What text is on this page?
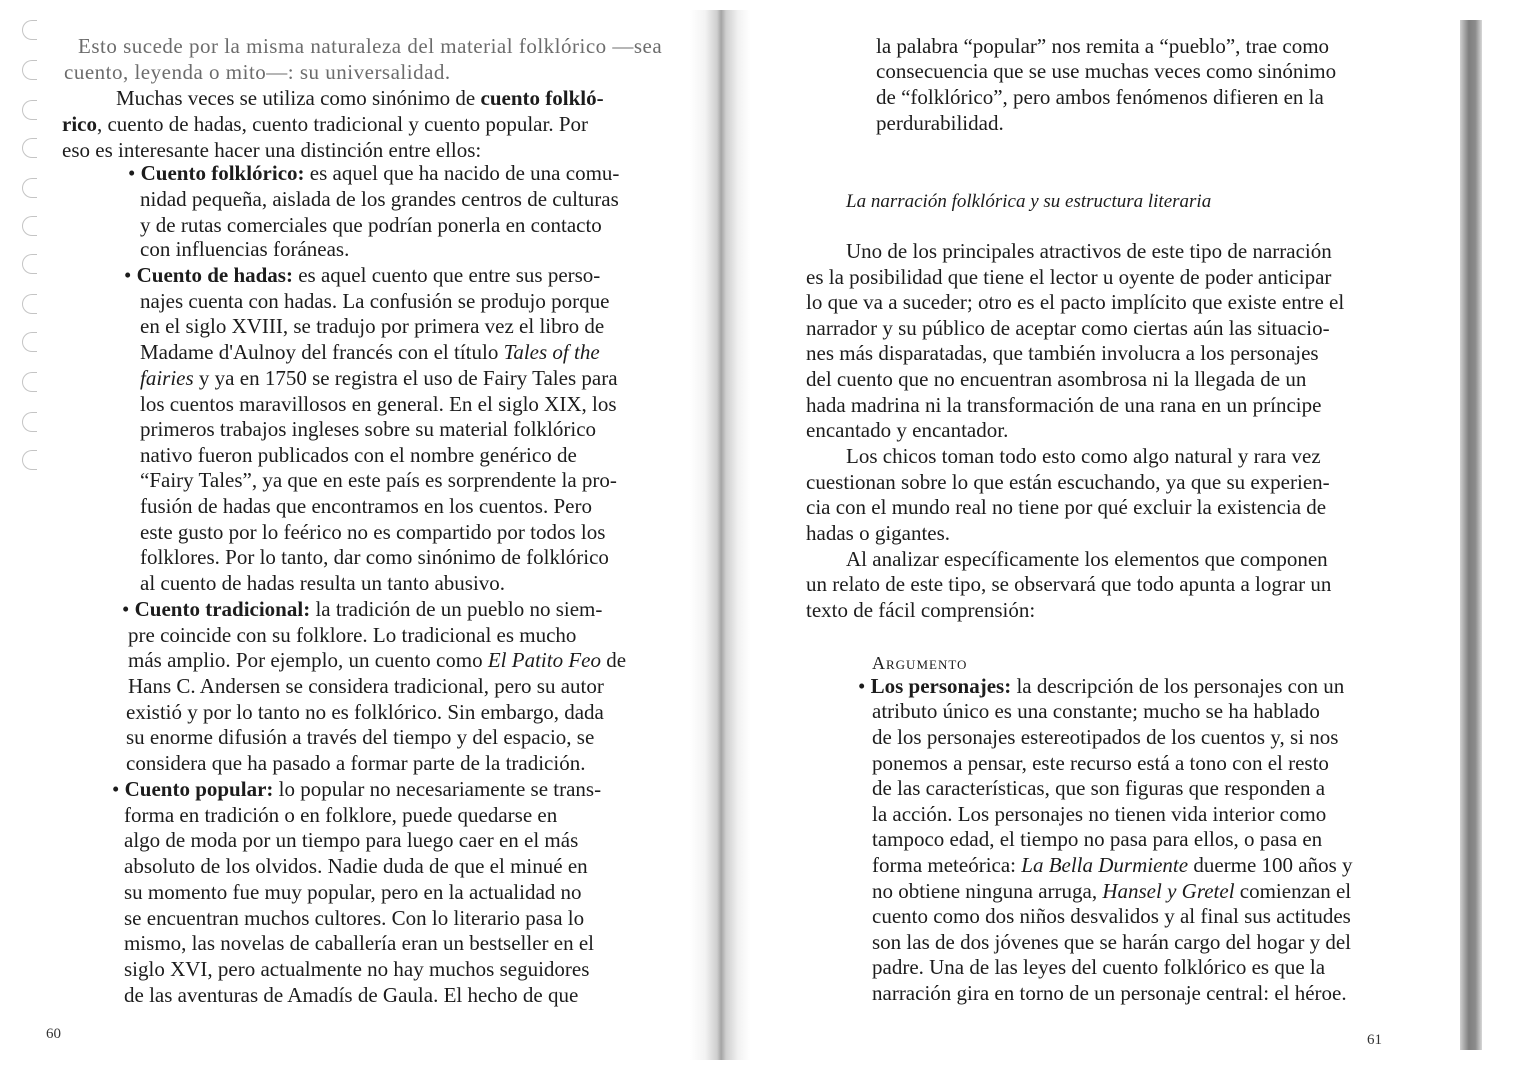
Esto sucede por la misma naturaleza del material folklórico —sea
cuento, leyenda o mito—: su universalidad.
Muchas veces se utiliza como sinónimo de cuento folkló-
rico, cuento de hadas, cuento tradicional y cuento popular. Por
eso es interesante hacer una distinción entre ellos:
• Cuento folklórico: es aquel que ha nacido de una comu-
nidad pequeña, aislada de los grandes centros de culturas
y de rutas comerciales que podrían ponerla en contacto
con influencias foráneas.
• Cuento de hadas: es aquel cuento que entre sus perso-
najes cuenta con hadas. La confusión se produjo porque
en el siglo XVIII, se tradujo por primera vez el libro de
Madame d'Aulnoy del francés con el título Tales of the
fairies y ya en 1750 se registra el uso de Fairy Tales para
los cuentos maravillosos en general. En el siglo XIX, los
primeros trabajos ingleses sobre su material folklórico
nativo fueron publicados con el nombre genérico de
“Fairy Tales”, ya que en este país es sorprendente la pro-
fusión de hadas que encontramos en los cuentos. Pero
este gusto por lo feérico no es compartido por todos los
folklores. Por lo tanto, dar como sinónimo de folklórico
al cuento de hadas resulta un tanto abusivo.
• Cuento tradicional: la tradición de un pueblo no siem-
pre coincide con su folklore. Lo tradicional es mucho
más amplio. Por ejemplo, un cuento como El Patito Feo de
Hans C. Andersen se considera tradicional, pero su autor
existió y por lo tanto no es folklórico. Sin embargo, dada
su enorme difusión a través del tiempo y del espacio, se
considera que ha pasado a formar parte de la tradición.
• Cuento popular: lo popular no necesariamente se trans-
forma en tradición o en folklore, puede quedarse en
algo de moda por un tiempo para luego caer en el más
absoluto de los olvidos. Nadie duda de que el minué en
su momento fue muy popular, pero en la actualidad no
se encuentran muchos cultores. Con lo literario pasa lo
mismo, las novelas de caballería eran un bestseller en el
siglo XVI, pero actualmente no hay muchos seguidores
de las aventuras de Amadís de Gaula. El hecho de que
la palabra “popular” nos remita a “pueblo”, trae como
consecuencia que se use muchas veces como sinónimo
de “folklórico”, pero ambos fenómenos difieren en la
perdurabilidad.
La narración folklórica y su estructura literaria
Uno de los principales atractivos de este tipo de narración
es la posibilidad que tiene el lector u oyente de poder anticipar
lo que va a suceder; otro es el pacto implícito que existe entre el
narrador y su público de aceptar como ciertas aún las situacio-
nes más disparatadas, que también involucra a los personajes
del cuento que no encuentran asombrosa ni la llegada de un
hada madrina ni la transformación de una rana en un príncipe
encantado y encantador.
Los chicos toman todo esto como algo natural y rara vez
cuestionan sobre lo que están escuchando, ya que su experien-
cia con el mundo real no tiene por qué excluir la existencia de
hadas o gigantes.
Al analizar específicamente los elementos que componen
un relato de este tipo, se observará que todo apunta a lograr un
texto de fácil comprensión:
Argumento
• Los personajes: la descripción de los personajes con un
atributo único es una constante; mucho se ha hablado
de los personajes estereotipados de los cuentos y, si nos
ponemos a pensar, este recurso está a tono con el resto
de las características, que son figuras que responden a
la acción. Los personajes no tienen vida interior como
tampoco edad, el tiempo no pasa para ellos, o pasa en
forma meteórica: La Bella Durmiente duerme 100 años y
no obtiene ninguna arruga, Hansel y Gretel comienzan el
cuento como dos niños desvalidos y al final sus actitudes
son las de dos jóvenes que se harán cargo del hogar y del
padre. Una de las leyes del cuento folklórico es que la
narración gira en torno de un personaje central: el héroe.
60	61
